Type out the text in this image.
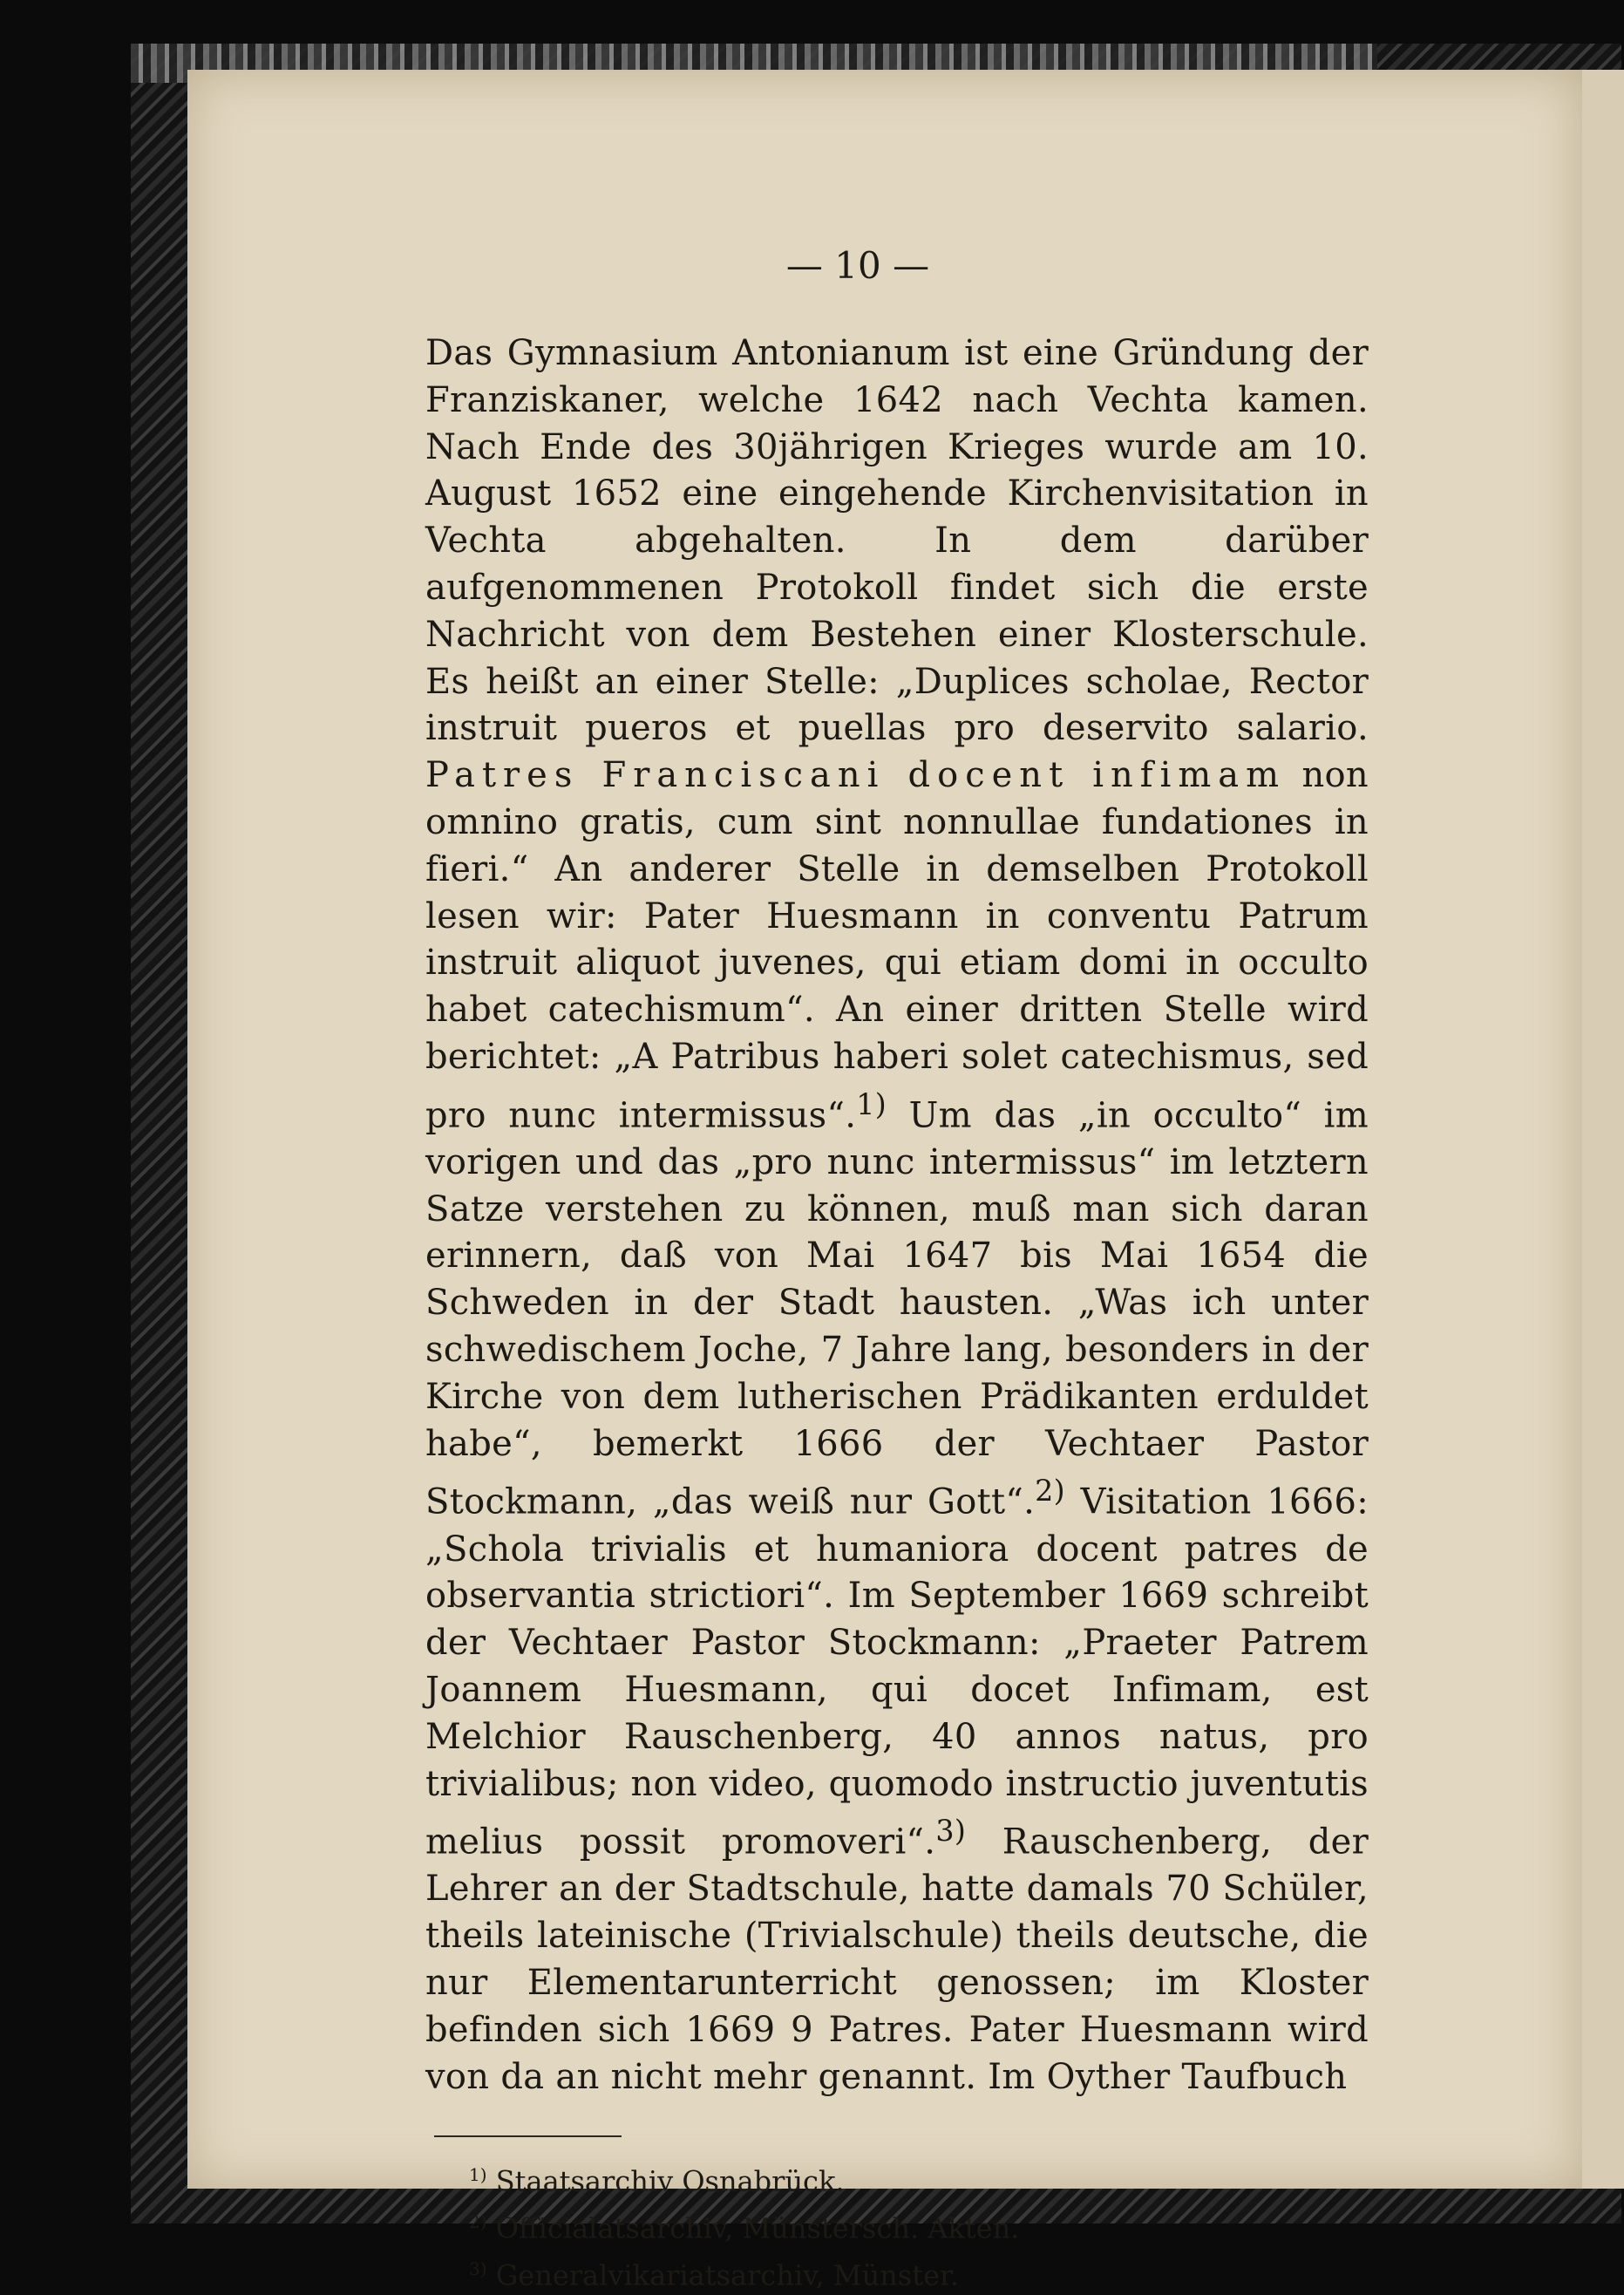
— 10 —

Das Gymnasium Antonianum ist eine Gründung der Franziskaner, welche 1642 nach Vechta kamen. Nach Ende des 30jährigen Krieges wurde am 10. August 1652 eine eingehende Kirchenvisitation in Vechta abgehalten. In dem darüber aufgenommenen Protokoll findet sich die erste Nachricht von dem Bestehen einer Klosterschule. Es heißt an einer Stelle: „Duplices scholae, Rector instruit pueros et puellas pro deservito salario. Patres Franciscani docent infimam non omnino gratis, cum sint nonnullae fundationes in fieri.“ An anderer Stelle in demselben Protokoll lesen wir: Pater Huesmann in conventu Patrum instruit aliquot juvenes, qui etiam domi in occulto habet catechismum“. An einer dritten Stelle wird berichtet: „A Patribus haberi solet catechismus, sed pro nunc intermissus“.$^{1)}$ Um das „in occulto“ im vorigen und das „pro nunc intermissus“ im letztern Satze verstehen zu können, muß man sich daran erinnern, daß von Mai 1647 bis Mai 1654 die Schweden in der Stadt hausten. „Was ich unter schwedischem Joche, 7 Jahre lang, besonders in der Kirche von dem lutherischen Prädikanten erduldet habe“, bemerkt 1666 der Vechtaer Pastor Stockmann, „das weiß nur Gott“.$^{2)}$ Visitation 1666: „Schola trivialis et humaniora docent patres de observantia strictiori“. Im September 1669 schreibt der Vechtaer Pastor Stockmann: „Praeter Patrem Joannem Huesmann, qui docet Infimam, est Melchior Rauschenberg, 40 annos natus, pro trivialibus; non video, quomodo instructio juventutis melius possit promoveri“.$^{3)}$ Rauschenberg, der Lehrer an der Stadtschule, hatte damals 70 Schüler, theils lateinische (Trivialschule) theils deutsche, die nur Elementarunterricht genossen; im Kloster befinden sich 1669 9 Patres. Pater Huesmann wird von da an nicht mehr genannt. Im Oyther Taufbuch

$^{1)}$ Staatsarchiv Osnabrück.
$^{2)}$ Officialatsarchiv, Münstersch. Akten.
$^{3)}$ Generalvikariatsarchiv, Münster.
